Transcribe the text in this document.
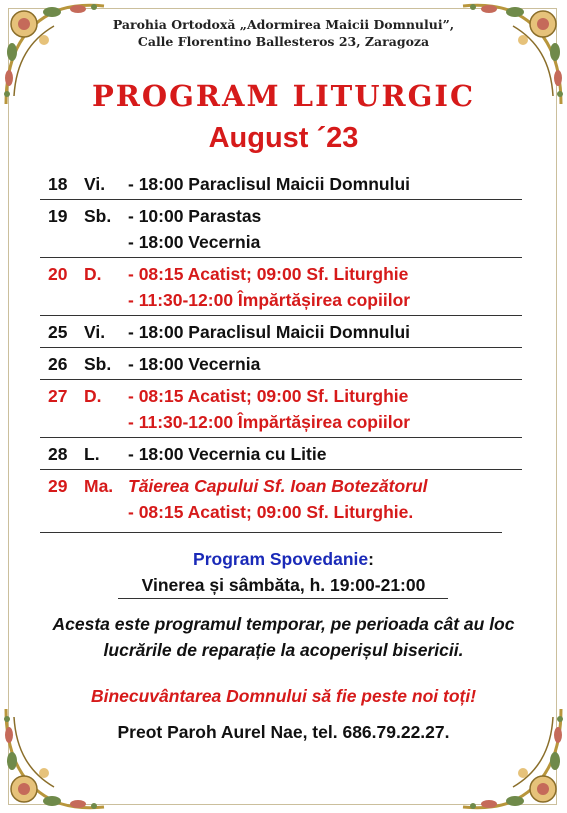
Parohia Ortodoxă „Adormirea Maicii Domnului”,
Calle Florentino Ballesteros 23, Zaragoza
PROGRAM LITURGIC
August ´23
18 Vi.	- 18:00 Paraclisul Maicii Domnului
19 Sb. - 10:00 Parastas
- 18:00 Vecernia
20 D.	- 08:15 Acatist; 09:00 Sf. Liturghie
- 11:30-12:00 Împărtășirea copiilor
25 Vi.	- 18:00 Paraclisul Maicii Domnului
26 Sb. - 18:00 Vecernia
27 D.	- 08:15 Acatist; 09:00 Sf. Liturghie
- 11:30-12:00 Împărtășirea copiilor
28 L.	- 18:00 Vecernia cu Litie
29 Ma. Tăierea Capului Sf. Ioan Botezătorul
- 08:15 Acatist; 09:00 Sf. Liturghie.
Program Spovedanie:
Vinerea și sâmbăta, h. 19:00-21:00
Acesta este programul temporar, pe perioada cât au loc
lucrările de reparație la acoperișul bisericii.
Binecuvântarea Domnului să fie peste noi toți!
Preot Paroh Aurel Nae, tel. 686.79.22.27.
